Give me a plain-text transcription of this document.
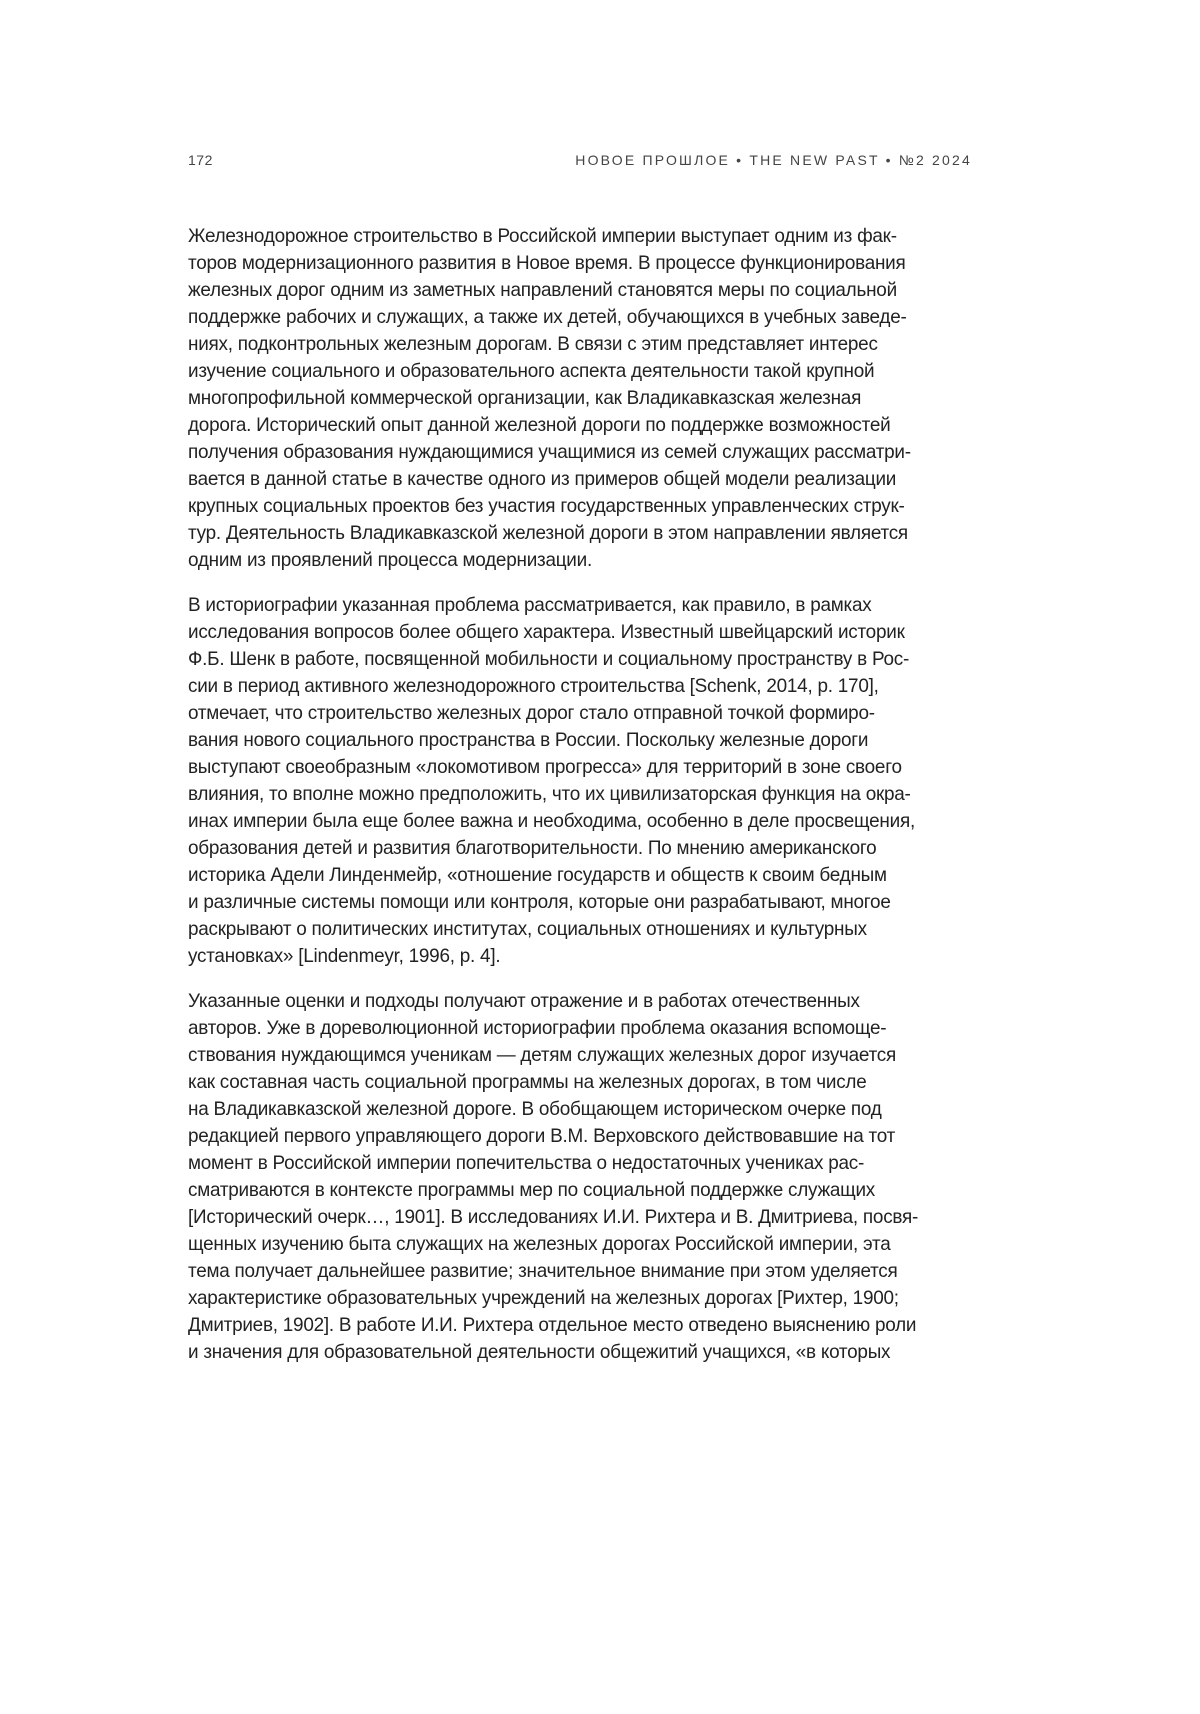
172	НОВОЕ ПРОШЛОЕ • THE NEW PAST • №2 2024
Железнодорожное строительство в Российской империи выступает одним из фак-
торов модернизационного развития в Новое время. В процессе функционирования
железных дорог одним из заметных направлений становятся меры по социальной
поддержке рабочих и служащих, а также их детей, обучающихся в учебных заведе-
ниях, подконтрольных железным дорогам. В связи с этим представляет интерес
изучение социального и образовательного аспекта деятельности такой крупной
многопрофильной коммерческой организации, как Владикавказская железная
дорога. Исторический опыт данной железной дороги по поддержке возможностей
получения образования нуждающимися учащимися из семей служащих рассматри-
вается в данной статье в качестве одного из примеров общей модели реализации
крупных социальных проектов без участия государственных управленческих струк-
тур. Деятельность Владикавказской железной дороги в этом направлении является
одним из проявлений процесса модернизации.
В историографии указанная проблема рассматривается, как правило, в рамках
исследования вопросов более общего характера. Известный швейцарский историк
Ф.Б. Шенк в работе, посвященной мобильности и социальному пространству в Рос-
сии в период активного железнодорожного строительства [Schenk, 2014, p. 170],
отмечает, что строительство железных дорог стало отправной точкой формиро-
вания нового социального пространства в России. Поскольку железные дороги
выступают своеобразным «локомотивом прогресса» для территорий в зоне своего
влияния, то вполне можно предположить, что их цивилизаторская функция на окра-
инах империи была еще более важна и необходима, особенно в деле просвещения,
образования детей и развития благотворительности. По мнению американского
историка Адели Линденмейр, «отношение государств и обществ к своим бедным
и различные системы помощи или контроля, которые они разрабатывают, многое
раскрывают о политических институтах, социальных отношениях и культурных
установках» [Lindenmeyr, 1996, p. 4].
Указанные оценки и подходы получают отражение и в работах отечественных
авторов. Уже в дореволюционной историографии проблема оказания вспомоще-
ствования нуждающимся ученикам — детям служащих железных дорог изучается
как составная часть социальной программы на железных дорогах, в том числе
на Владикавказской железной дороге. В обобщающем историческом очерке под
редакцией первого управляющего дороги В.М. Верховского действовавшие на тот
момент в Российской империи попечительства о недостаточных учениках рас-
сматриваются в контексте программы мер по социальной поддержке служащих
[Исторический очерк…, 1901]. В исследованиях И.И. Рихтера и В. Дмитриева, посвя-
щенных изучению быта служащих на железных дорогах Российской империи, эта
тема получает дальнейшее развитие; значительное внимание при этом уделяется
характеристике образовательных учреждений на железных дорогах [Рихтер, 1900;
Дмитриев, 1902]. В работе И.И. Рихтера отдельное место отведено выяснению роли
и значения для образовательной деятельности общежитий учащихся, «в которых
